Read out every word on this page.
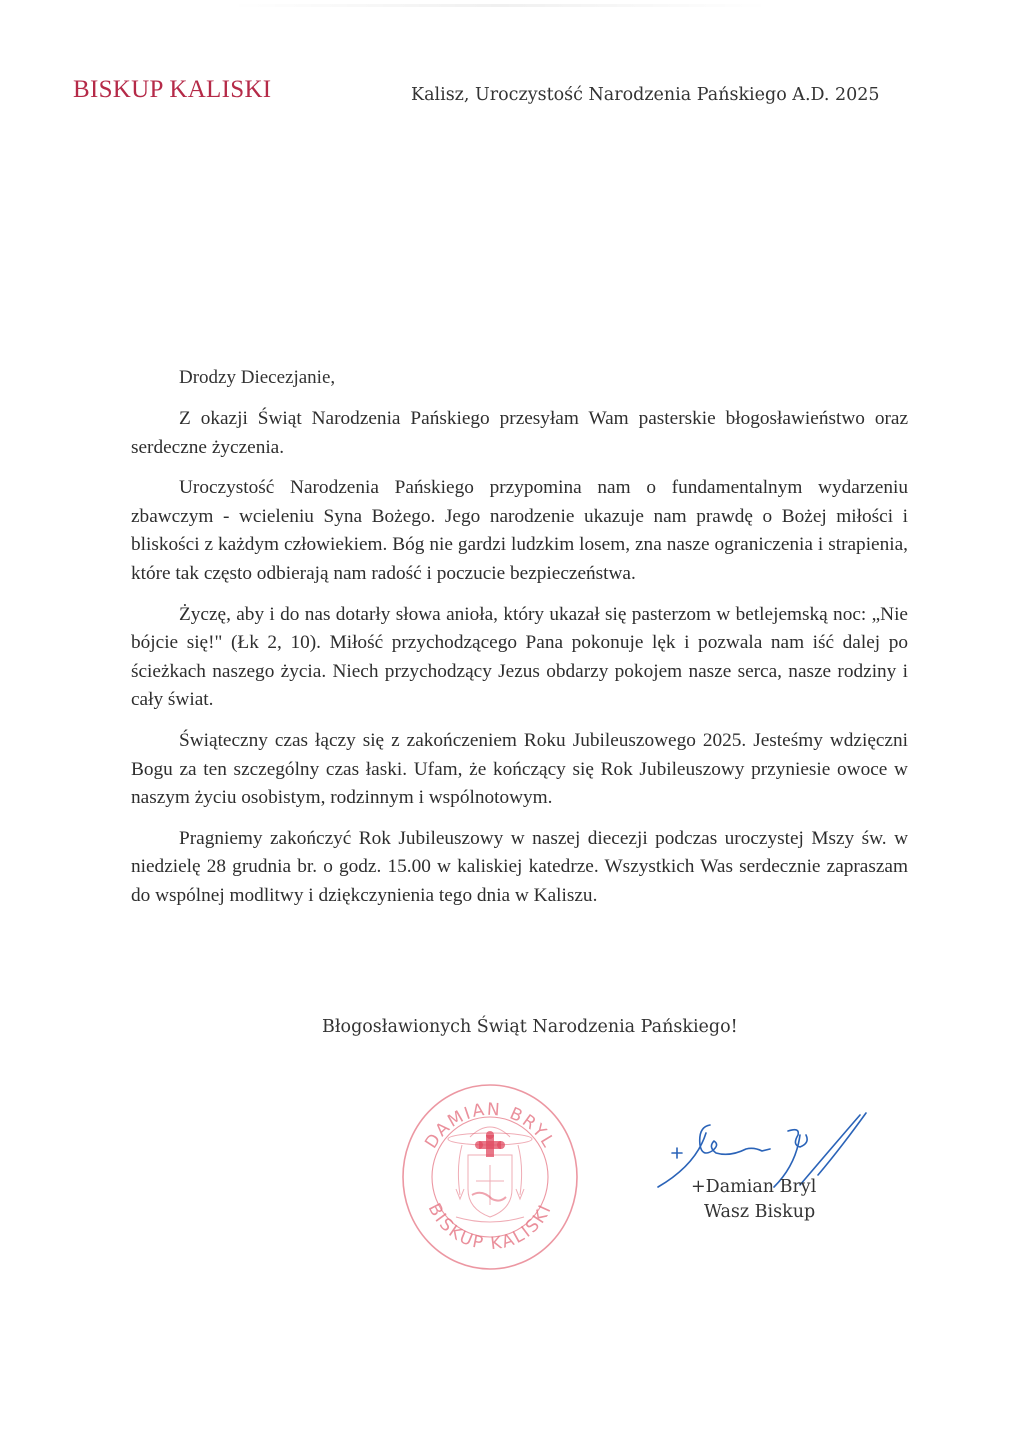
BISKUP KALISKI	Kalisz, Uroczystość Narodzenia Pańskiego A.D. 2025
Drodzy Diecezjanie,

Z okazji Świąt Narodzenia Pańskiego przesyłam Wam pasterskie błogosławieństwo oraz serdeczne życzenia.

Uroczystość Narodzenia Pańskiego przypomina nam o fundamentalnym wydarzeniu zbawczym - wcieleniu Syna Bożego. Jego narodzenie ukazuje nam prawdę o Bożej miłości i bliskości z każdym człowiekiem. Bóg nie gardzi ludzkim losem, zna nasze ograniczenia i strapienia, które tak często odbierają nam radość i poczucie bezpieczeństwa.

Życzę, aby i do nas dotarły słowa anioła, który ukazał się pasterzom w betlejemską noc: „Nie bójcie się!" (Łk 2, 10). Miłość przychodzącego Pana pokonuje lęk i pozwala nam iść dalej po ścieżkach naszego życia. Niech przychodzący Jezus obdarzy pokojem nasze serca, nasze rodziny i cały świat.

Świąteczny czas łączy się z zakończeniem Roku Jubileuszowego 2025. Jesteśmy wdzięczni Bogu za ten szczególny czas łaski. Ufam, że kończący się Rok Jubileuszowy przyniesie owoce w naszym życiu osobistym, rodzinnym i wspólnotowym.

Pragniemy zakończyć Rok Jubileuszowy w naszej diecezji podczas uroczystej Mszy św. w niedzielę 28 grudnia br. o godz. 15.00 w kaliskiej katedrze. Wszystkich Was serdecznie zapraszam do wspólnej modlitwy i dziękczynienia tego dnia w Kaliszu.

Błogosławionych Świąt Narodzenia Pańskiego!
DAMIAN BRYL
BISKUP KALISKI
+Damian Bryl
Wasz Biskup
